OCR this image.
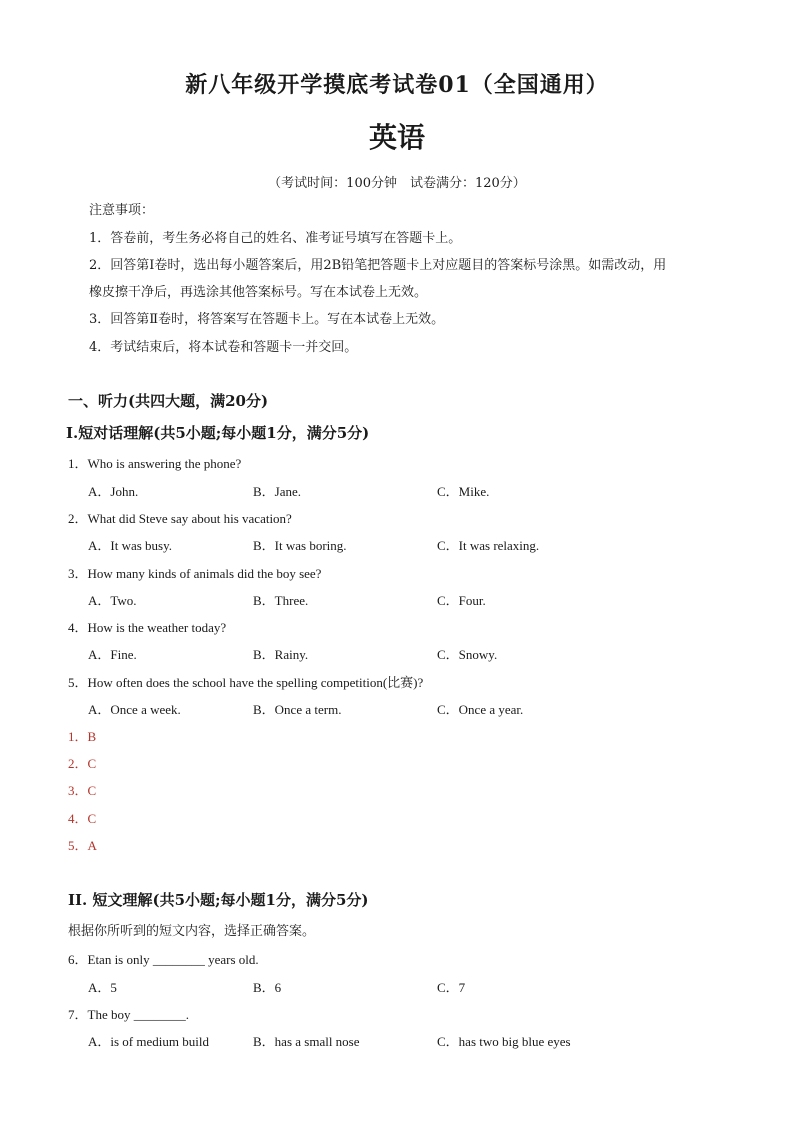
新八年级开学摸底考试卷01（全国通用）
英语
（考试时间：100分钟　试卷满分：120分）
注意事项：
1．答卷前，考生务必将自己的姓名、准考证号填写在答题卡上。
2．回答第Ⅰ卷时，选出每小题答案后，用2B铅笔把答题卡上对应题目的答案标号涂黑。如需改动，用
橡皮擦干净后，再选涂其他答案标号。写在本试卷上无效。
3．回答第Ⅱ卷时，将答案写在答题卡上。写在本试卷上无效。
4．考试结束后，将本试卷和答题卡一并交回。
一、听力(共四大题，满20分)
Ⅰ.短对话理解(共5小题;每小题1分，满分5分)
1．Who is answering the phone?
A．John.	B．Jane.	C．Mike.
2．What did Steve say about his vacation?
A．It was busy.	B．It was boring.	C．It was relaxing.
3．How many kinds of animals did the boy see?
A．Two.	B．Three.	C．Four.
4．How is the weather today?
A．Fine.	B．Rainy.	C．Snowy.
5．How often does the school have the spelling competition(比赛)?
A．Once a week.	B．Once a term.	C．Once a year.
1．B
2．C
3．C
4．C
5．A
II. 短文理解(共5小题;每小题1分，满分5分)
根据你所听到的短文内容，选择正确答案。
6．Etan is only ________ years old.
A．5	B．6	C．7
7．The boy ________.
A．is of medium build	B．has a small nose	C．has two big blue eyes
